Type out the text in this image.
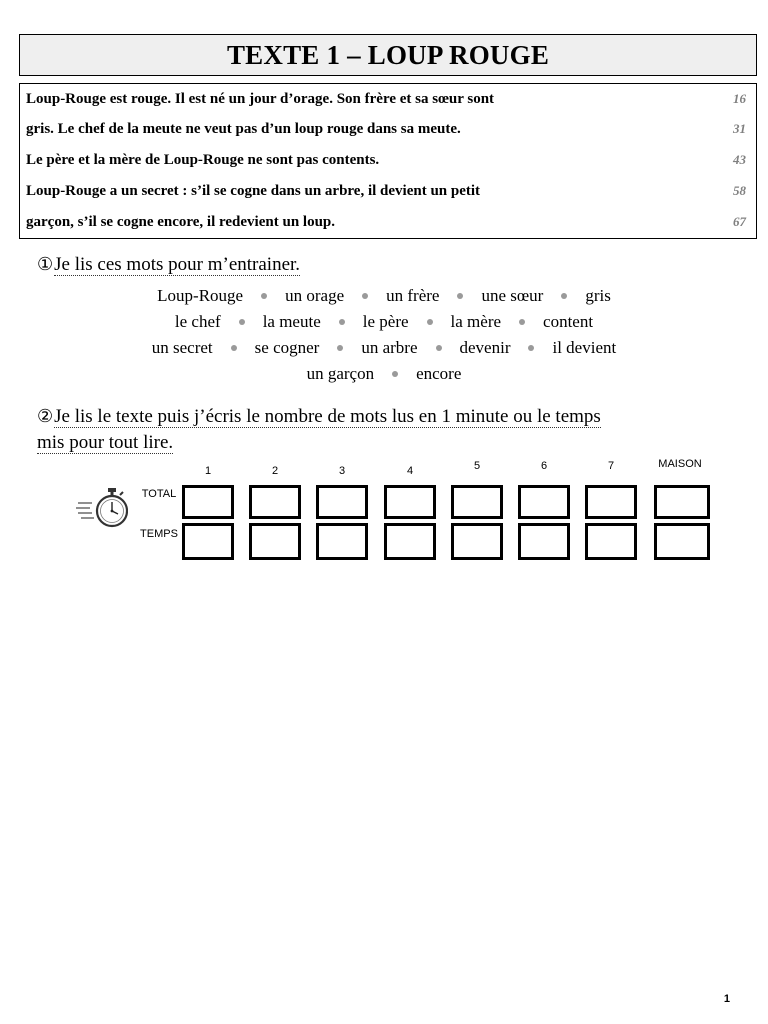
TEXTE 1 – LOUP ROUGE
Loup-Rouge est rouge. Il est né un jour d’orage. Son frère et sa sœur sont	16
gris. Le chef de la meute ne veut pas d’un loup rouge dans sa meute.	31
Le père et la mère de Loup-Rouge ne sont pas contents.	43
Loup-Rouge a un secret : s’il se cogne dans un arbre, il devient un petit	58
garçon, s’il se cogne encore, il redevient un loup.	67
①Je lis ces mots pour m’entrainer.
Loup-Rouge un orage un frère une sœur gris
le chef la meute le père la mère content
un secret se cogner un arbre devenir il devient
un garçon encore
②Je lis le texte puis j’écris le nombre de mots lus en 1 minute ou le temps
mis pour tout lire.
1	2	3	4	5	6	7	MAISON
TOTAL
TEMPS
1
